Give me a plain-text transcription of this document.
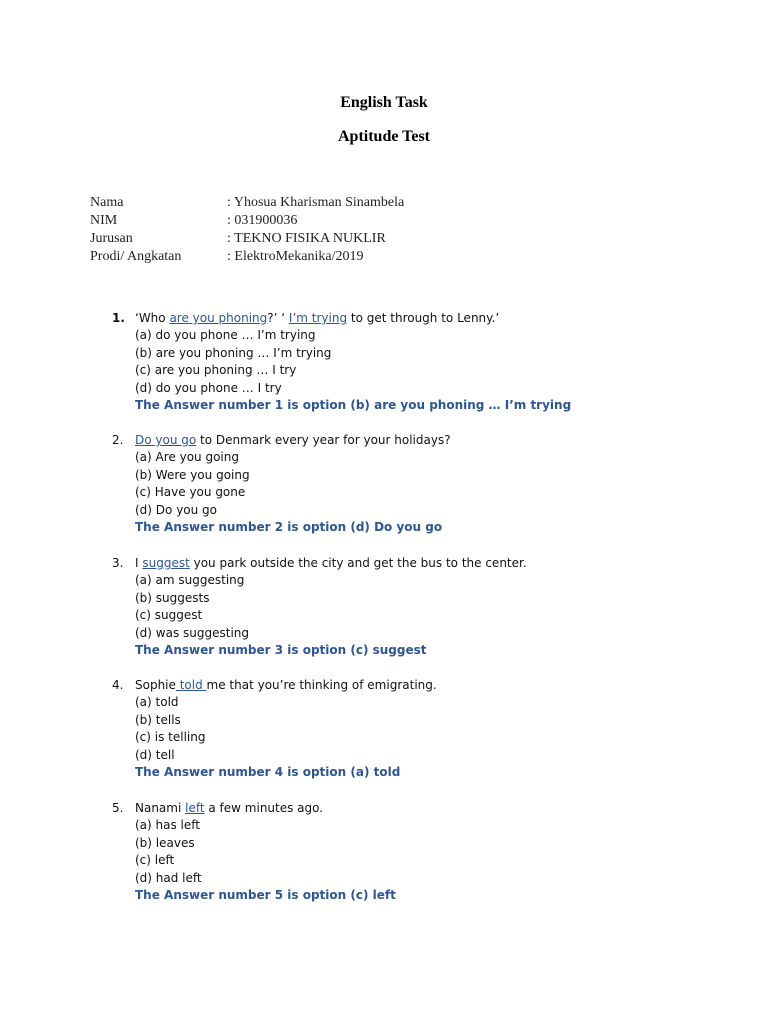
English Task
Aptitude Test
Nama	: Yhosua Kharisman Sinambela
NIM	: 031900036
Jurusan	: TEKNO FISIKA NUKLIR
Prodi/ Angkatan	: ElektroMekanika/2019
1. ‘Who are you phoning?’ ‘ I’m trying to get through to Lenny.’
(a) do you phone … I’m trying
(b) are you phoning … I’m trying
(c) are you phoning … I try
(d) do you phone … I try
The Answer number 1 is option (b) are you phoning … I’m trying
2. Do you go to Denmark every year for your holidays?
(a) Are you going
(b) Were you going
(c) Have you gone
(d) Do you go
The Answer number 2 is option (d) Do you go
3. I suggest you park outside the city and get the bus to the center.
(a) am suggesting
(b) suggests
(c) suggest
(d) was suggesting
The Answer number 3 is option (c) suggest
4. Sophie told me that you’re thinking of emigrating.
(a) told
(b) tells
(c) is telling
(d) tell
The Answer number 4 is option (a) told
5. Nanami left a few minutes ago.
(a) has left
(b) leaves
(c) left
(d) had left
The Answer number 5 is option (c) left
